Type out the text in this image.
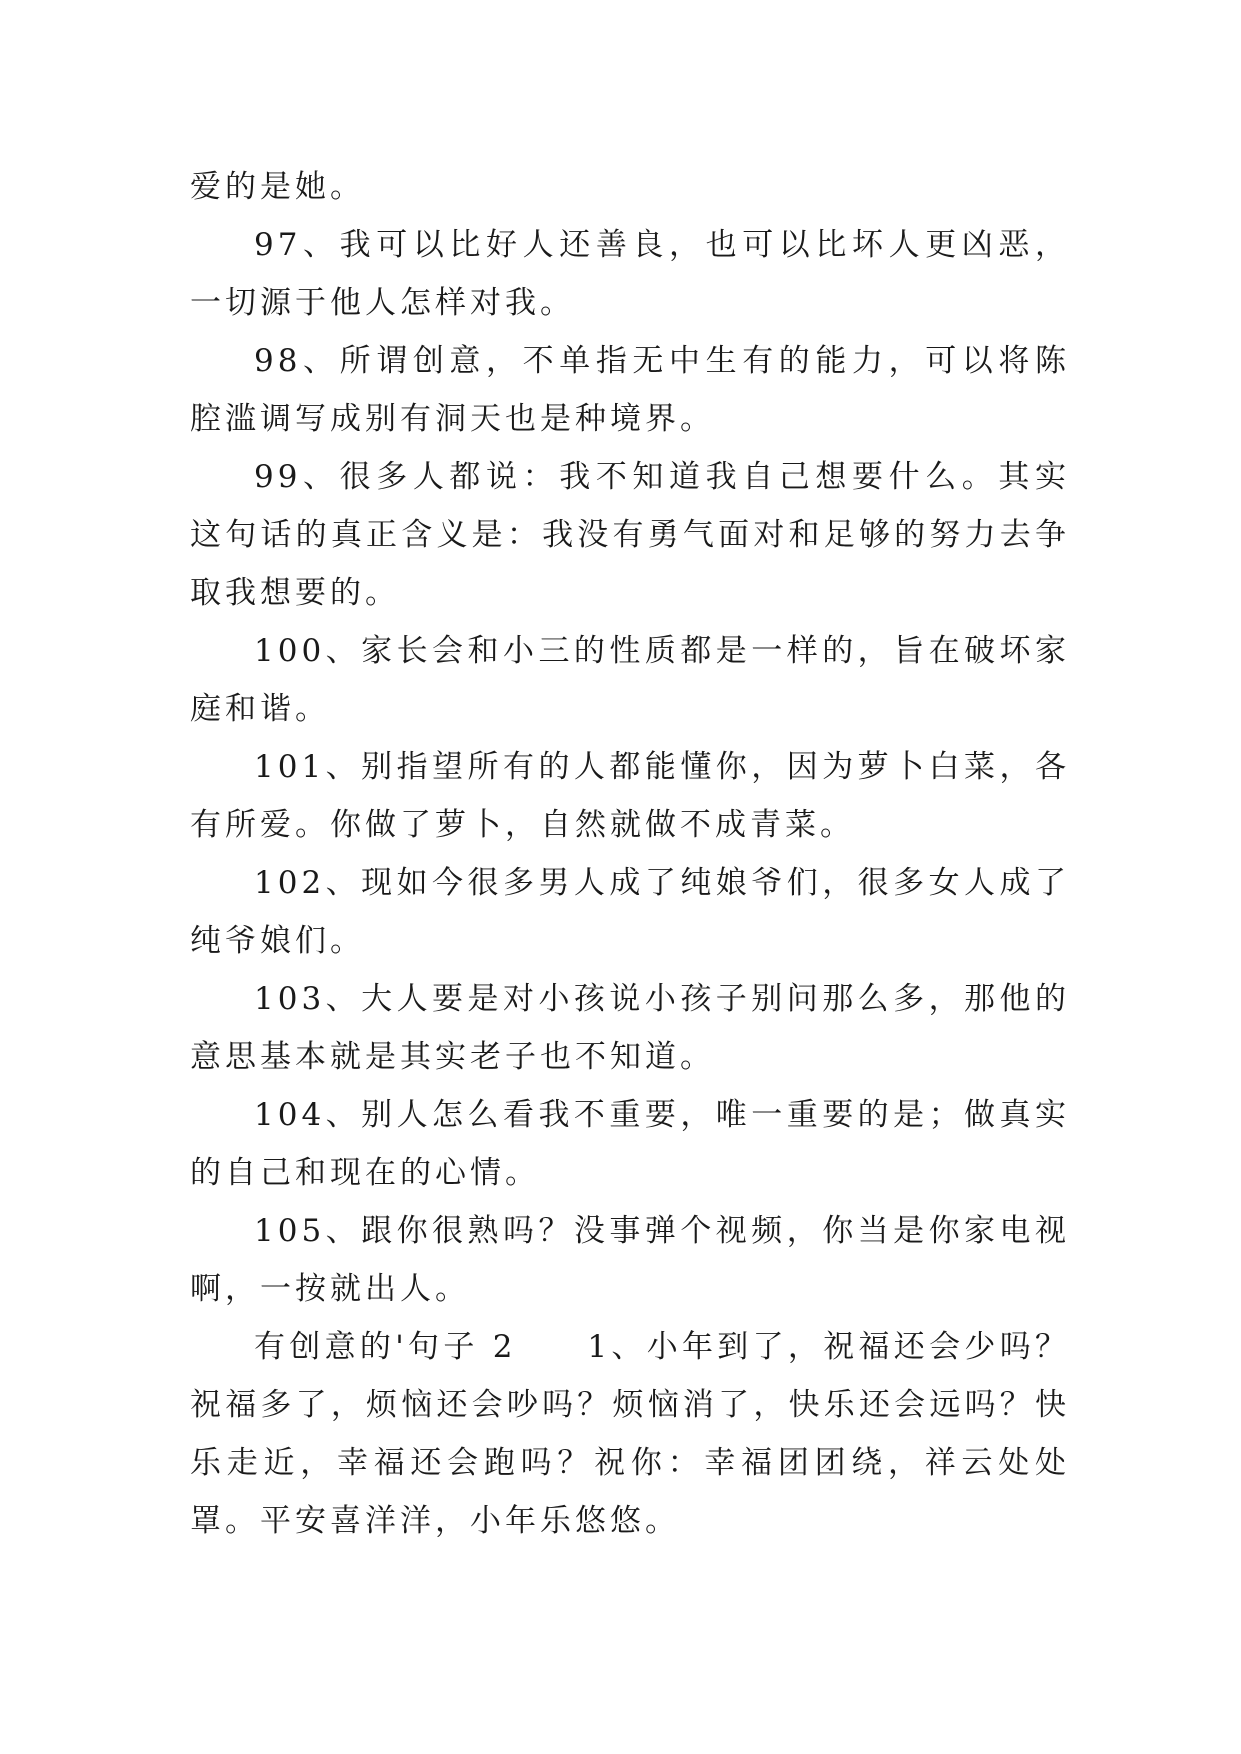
爱的是她。

97、我可以比好人还善良，也可以比坏人更凶恶，一切源于他人怎样对我。

98、所谓创意，不单指无中生有的能力，可以将陈腔滥调写成别有洞天也是种境界。

99、很多人都说：我不知道我自己想要什么。其实这句话的真正含义是：我没有勇气面对和足够的努力去争取我想要的。

100、家长会和小三的性质都是一样的，旨在破坏家庭和谐。

101、别指望所有的人都能懂你，因为萝卜白菜，各有所爱。你做了萝卜，自然就做不成青菜。

102、现如今很多男人成了纯娘爷们，很多女人成了纯爷娘们。

103、大人要是对小孩说小孩子别问那么多，那他的意思基本就是其实老子也不知道。

104、别人怎么看我不重要，唯一重要的是；做真实的自己和现在的心情。

105、跟你很熟吗？没事弹个视频，你当是你家电视啊，一按就出人。

有创意的'句子 2　　1、小年到了，祝福还会少吗？祝福多了，烦恼还会吵吗？烦恼消了，快乐还会远吗？快乐走近，幸福还会跑吗？祝你：幸福团团绕，祥云处处罩。平安喜洋洋，小年乐悠悠。
